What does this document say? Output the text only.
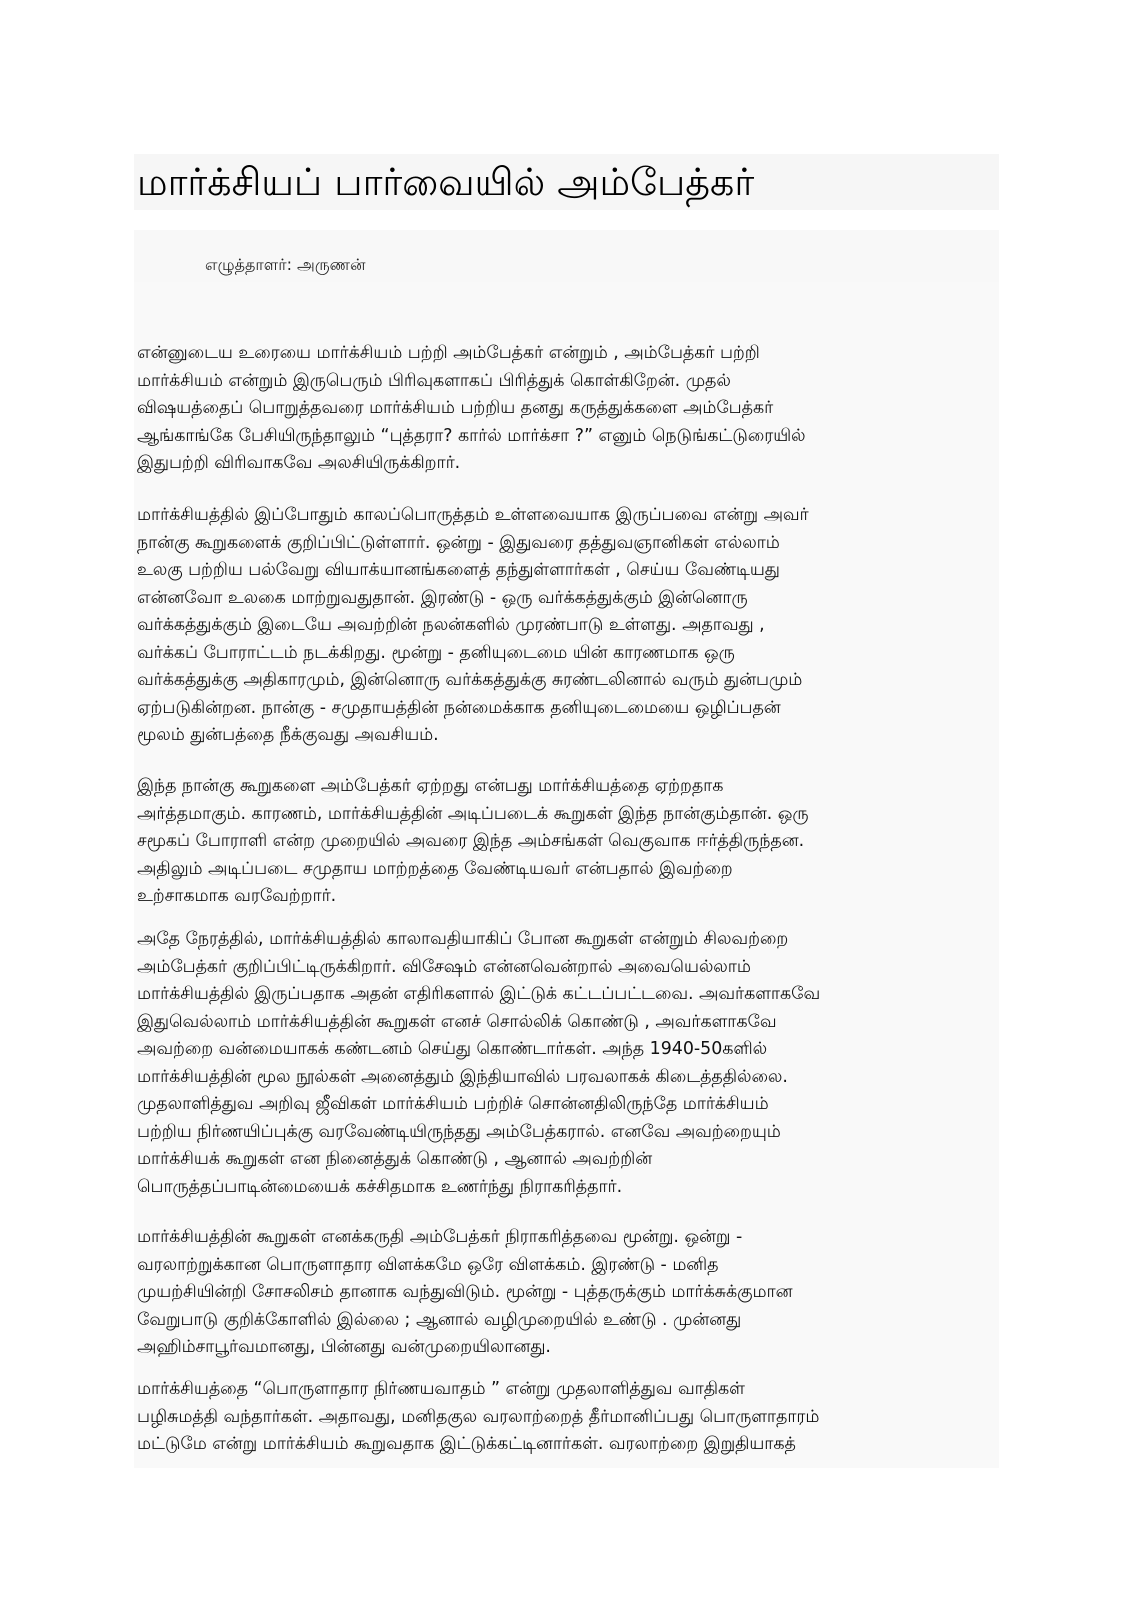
மார்க்சியப் பார்வையில் அம்பேத்கர்
எழுத்தாளர்: அருணன்
என்னுடைய உரையை மார்க்சியம் பற்றி அம்பேத்கர் என்றும் , அம்பேத்கர் பற்றி
மார்க்சியம் என்றும் இருபெரும் பிரிவுகளாகப் பிரித்துக் கொள்கிறேன். முதல்
விஷயத்தைப் பொறுத்தவரை மார்க்சியம் பற்றிய தனது கருத்துக்களை அம்பேத்கர்
ஆங்காங்கே பேசியிருந்தாலும் “புத்தரா? கார்ல் மார்க்சா ?” எனும் நெடுங்கட்டுரையில்
இதுபற்றி விரிவாகவே அலசியிருக்கிறார்.
மார்க்சியத்தில் இப்போதும் காலப்பொருத்தம் உள்ளவையாக இருப்பவை என்று அவர்
நான்கு கூறுகளைக் குறிப்பிட்டுள்ளார். ஒன்று - இதுவரை தத்துவஞானிகள் எல்லாம்
உலகு பற்றிய பல்வேறு வியாக்யானங்களைத் தந்துள்ளார்கள் , செய்ய வேண்டியது
என்னவோ உலகை மாற்றுவதுதான். இரண்டு - ஒரு வர்க்கத்துக்கும் இன்னொரு
வர்க்கத்துக்கும் இடையே அவற்றின் நலன்களில் முரண்பாடு உள்ளது. அதாவது ,
வர்க்கப் போராட்டம் நடக்கிறது. மூன்று - தனியுடைமை யின் காரணமாக ஒரு
வர்க்கத்துக்கு அதிகாரமும், இன்னொரு வர்க்கத்துக்கு சுரண்டலினால் வரும் துன்பமும்
ஏற்படுகின்றன. நான்கு - சமுதாயத்தின் நன்மைக்காக தனியுடைமையை ஒழிப்பதன்
மூலம் துன்பத்தை நீக்குவது அவசியம்.
இந்த நான்கு கூறுகளை அம்பேத்கர் ஏற்றது என்பது மார்க்சியத்தை ஏற்றதாக
அர்த்தமாகும். காரணம், மார்க்சியத்தின் அடிப்படைக் கூறுகள் இந்த நான்கும்தான். ஒரு
சமூகப் போராளி என்ற முறையில் அவரை இந்த அம்சங்கள் வெகுவாக ஈர்த்திருந்தன.
அதிலும் அடிப்படை சமுதாய மாற்றத்தை வேண்டியவர் என்பதால் இவற்றை
உற்சாகமாக வரவேற்றார்.
அதே நேரத்தில், மார்க்சியத்தில் காலாவதியாகிப் போன கூறுகள் என்றும் சிலவற்றை
அம்பேத்கர் குறிப்பிட்டிருக்கிறார். விசேஷம் என்னவென்றால் அவையெல்லாம்
மார்க்சியத்தில் இருப்பதாக அதன் எதிரிகளால் இட்டுக் கட்டப்பட்டவை. அவர்களாகவே
இதுவெல்லாம் மார்க்சியத்தின் கூறுகள் எனச் சொல்லிக் கொண்டு , அவர்களாகவே
அவற்றை வன்மையாகக் கண்டனம் செய்து கொண்டார்கள். அந்த 1940-50களில்
மார்க்சியத்தின் மூல நூல்கள் அனைத்தும் இந்தியாவில் பரவலாகக் கிடைத்ததில்லை.
முதலாளித்துவ அறிவு ஜீவிகள் மார்க்சியம் பற்றிச் சொன்னதிலிருந்தே மார்க்சியம்
பற்றிய நிர்ணயிப்புக்கு வரவேண்டியிருந்தது அம்பேத்கரால். எனவே அவற்றையும்
மார்க்சியக் கூறுகள் என நினைத்துக் கொண்டு , ஆனால் அவற்றின்
பொருத்தப்பாடின்மையைக் கச்சிதமாக உணர்ந்து நிராகரித்தார்.
மார்க்சியத்தின் கூறுகள் எனக்கருதி அம்பேத்கர் நிராகரித்தவை மூன்று. ஒன்று -
வரலாற்றுக்கான பொருளாதார விளக்கமே ஒரே விளக்கம். இரண்டு - மனித
முயற்சியின்றி சோசலிசம் தானாக வந்துவிடும். மூன்று - புத்தருக்கும் மார்க்சுக்குமான
வேறுபாடு குறிக்கோளில் இல்லை ; ஆனால் வழிமுறையில் உண்டு . முன்னது
அஹிம்சாபூர்வமானது, பின்னது வன்முறையிலானது.
மார்க்சியத்தை “பொருளாதார நிர்ணயவாதம் ” என்று முதலாளித்துவ வாதிகள்
பழிசுமத்தி வந்தார்கள். அதாவது, மனிதகுல வரலாற்றைத் தீர்மானிப்பது பொருளாதாரம்
மட்டுமே என்று மார்க்சியம் கூறுவதாக இட்டுக்கட்டினார்கள். வரலாற்றை இறுதியாகத்
